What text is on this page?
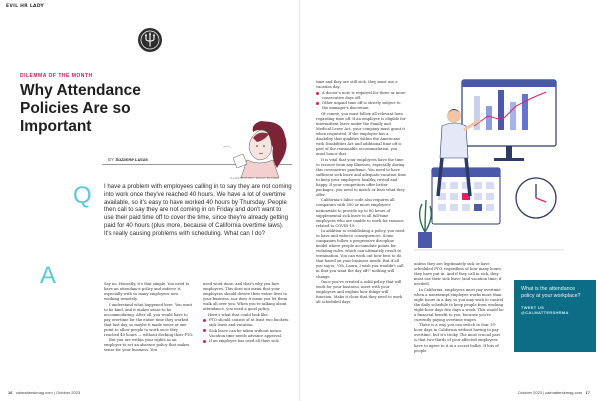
EVIL HR LADY
DILEMMA OF THE MONTH
Why Attendance Policies Are so Important
BY Suzanne Lucas
ILLUSTRATION: DAVID BLASEK
Q I have a problem with employees calling in to say they are not coming into work once they've reached 40 hours. We have a lot of overtime available, so it's easy to have worked 40 hours by Thursday. People then call to say they are not coming in on Friday and don't want to use their paid time off to cover the time, since they're already getting paid for 40 hours (plus more, because of California overtime laws). It's really causing problems with scheduling. What can I do?
A	Say no. Honestly, it's that simple. You need to have an attendance policy and enforce it, especially with so many employees now working remotely.

I understand what happened here. You want to be kind, and it makes sense to be accommodating. After all, you would have to pay overtime for the entire time they worked that last day, so maybe it made sense at one point to allow people to work once they reached 40 hours — without docking their PTO.

But you are within your rights as an employer to set an absence policy that makes sense for your business. You

need work done, and that's why you hire employees. This does not mean that your employees should devote their entire lives to your business, nor does it mean you let them walk all over you. When you're talking about attendance, you need a good policy.

Here's what that could look like.

PTO should consist of at least two buckets: sick leave and vacation.
Sick leave can be taken without notice. Vacation time needs advance approval.
If an employee has used all their sick
16 calmatterskmag.com | October 2023
time and they are still sick, they must use a vacation day.
A doctor's note is required for three or more consecutive days off.
Other unpaid time off is strictly subject to the manager's discretion.

Of course, you must follow all relevant laws regarding time off. If an employee is eligible for intermittent leave under the Family and Medical Leave Act, your company must grant it when requested. If the employee has a disability that qualifies within the Americans with Disabilities Act and additional time off is part of the reasonable accommodation, you must honor that.

It is vital that your employees have the time to recover from any illnesses, especially during this coronavirus pandemic. You need to have sufficient sick leave and adequate vacation time to keep your employees healthy, rested and happy. If your competitors offer better packages, you need to match or beat what they offer.

California's labor code also requires all companies with 500 or more employees nationwide to provide up to 80 hours of supplemental sick leave to all full-time employees who are unable to work for reasons related to COVID-19.

In addition to establishing a policy, you need to have and enforce consequences. Some companies follow a progressive discipline model where people accumulate points for violating rules, which can ultimately result in termination. You can work out how best to do that based on your business needs. But if all you say is, "Oh, Laura, I wish you wouldn't call in that you want the day off!" nothing will change.

Once you've created a solid policy that will work for your business, meet with your employees and explain how things will function. Make it clear that they need to work all scheduled days

unless they are legitimately sick or have scheduled PTO, regardless of how many hours they have put in. And if they call in sick, they must use their sick leave (and vacation time, if needed).

In California, employees must pay overtime when a nonexempt employee works more than eight hours in a day, so you may wish to control the daily schedule to keep people from working eight-hour days five days a week. This would be a financial benefit to you, because you're currently paying overtime wages.

There is a way you can switch to four 10-hour days in California without having to pay overtime, but it's tricky. The most crucial part is that two-thirds of your affected employees have to agree to it in a secret ballot. If lots of people

What is the attendance policy at your workplace?
TWEET US @CALMATTERSHRMA
October 2023 | calmatterskmag.com 17
